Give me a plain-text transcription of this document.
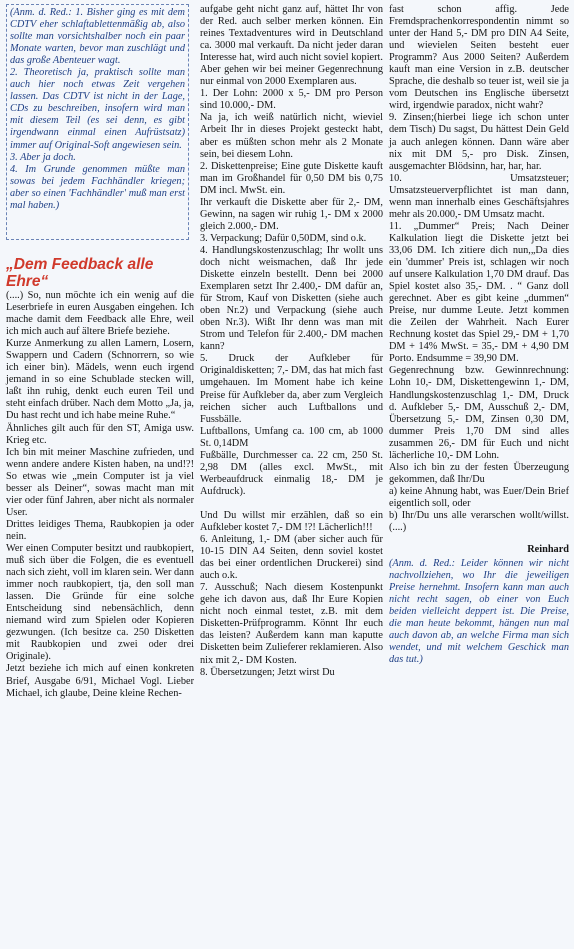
(Anm. d. Red.: 1. Bisher ging es mit dem CDTV eher schlaftablettenmäßig ab, also sollte man vorsichtshalber noch ein paar Monate warten, bevor man zuschlägt und das große Abenteuer wagt.
2. Theoretisch ja, praktisch sollte man auch hier noch etwas Zeit vergehen lassen. Das CDTV ist nicht in der Lage, CDs zu beschreiben, insofern wird man mit diesem Teil (es sei denn, es gibt irgendwann einmal einen Aufrüstsatz) immer auf Original-Soft angewiesen sein.
3. Aber ja doch.
4. Im Grunde genommen müßte man sowas bei jedem Fachhändler kriegen; aber so einen 'Fachhändler' muß man erst mal haben.)

„Dem Feedback alle Ehre“

(....) So, nun möchte ich ein wenig auf die Leserbriefe in euren Ausgaben eingehen. Ich mache damit dem Feedback alle Ehre, weil ich mich auch auf ältere Briefe beziehe.
Kurze Anmerkung zu allen Lamern, Losern, Swappern und Cadern (Schnorrern, so wie ich einer bin). Mädels, wenn euch irgend jemand in so eine Schublade stecken will, laßt ihn ruhig, denkt euch euren Teil und steht einfach drüber. Nach dem Motto „Ja, ja, Du hast recht und ich habe meine Ruhe.“
Ähnliches gilt auch für den ST, Amiga usw. Krieg etc.
Ich bin mit meiner Maschine zufrieden, und wenn andere andere Kisten haben, na und!?! So etwas wie „mein Computer ist ja viel besser als Deiner“, sowas macht man mit vier oder fünf Jahren, aber nicht als normaler User.
Drittes leidiges Thema, Raubkopien ja oder nein.
Wer einen Computer besitzt und raubkopiert, muß sich über die Folgen, die es eventuell nach sich zieht, voll im klaren sein. Wer dann immer noch raubkopiert, tja, den soll man lassen. Die Gründe für eine solche Entscheidung sind nebensächlich, denn niemand wird zum Spielen oder Kopieren gezwungen. (Ich besitze ca. 250 Disketten mit Raubkopien und zwei oder drei Originale).
Jetzt beziehe ich mich auf einen konkreten Brief, Ausgabe 6/91, Michael Vogl. Lieber Michael, ich glaube, Deine kleine Rechen-

aufgabe geht nicht ganz auf, hättet Ihr von der Red. auch selber merken können. Ein reines Textadventures wird in Deutschland ca. 3000 mal verkauft. Da nicht jeder daran Interesse hat, wird auch nicht soviel kopiert. Aber gehen wir bei meiner Gegenrechnung nur einmal von 2000 Exemplaren aus.
1. Der Lohn: 2000 x 5,- DM pro Person sind 10.000,- DM.
Na ja, ich weiß natürlich nicht, wieviel Arbeit Ihr in dieses Projekt gesteckt habt, aber es müßten schon mehr als 2 Monate sein, bei diesem Lohn.
2. Diskettenpreise; Eine gute Diskette kauft man im Großhandel für 0,50 DM bis 0,75 DM incl. MwSt. ein.
Ihr verkauft die Diskette aber für 2,- DM, Gewinn, na sagen wir ruhig 1,- DM x 2000 gleich 2.000,- DM.
3. Verpackung; Dafür 0,50DM, sind o.k.
4. Handlungskostenzuschlag; Ihr wollt uns doch nicht weismachen, daß Ihr jede Diskette einzeln bestellt. Denn bei 2000 Exemplaren setzt Ihr 2.400,- DM dafür an, für Strom, Kauf von Disketten (siehe auch oben Nr.2) und Verpackung (siehe auch oben Nr.3). Wißt Ihr denn was man mit Strom und Telefon für 2.400,- DM machen kann?
5. Druck der Aufkleber für Originaldisketten; 7,- DM, das hat mich fast umgehauen. Im Moment habe ich keine Preise für Aufkleber da, aber zum Vergleich reichen sicher auch Luftballons und Fussbälle.
Luftballons, Umfang ca. 100 cm, ab 1000 St. 0,14DM
Fußbälle, Durchmesser ca. 22 cm, 250 St. 2,98 DM (alles excl. MwSt., mit Werbeaufdruck einmalig 18,- DM je Aufdruck).

Und Du willst mir erzählen, daß so ein Aufkleber kostet 7,- DM !?! Lächerlich!!!
6. Anleitung, 1,- DM (aber sicher auch für 10-15 DIN A4 Seiten, denn soviel kostet das bei einer ordentlichen Druckerei) sind auch o.k.
7. Ausschuß; Nach diesem Kostenpunkt gehe ich davon aus, daß Ihr Eure Kopien nicht noch einmal testet, z.B. mit dem Disketten-Prüfprogramm. Könnt Ihr euch das leisten? Außerdem kann man kaputte Disketten beim Zulieferer reklamieren. Also nix mit 2,- DM Kosten.
8. Übersetzungen; Jetzt wirst Du

fast schon affig. Jede Fremdsprachenkorrespondentin nimmt so unter der Hand 5,- DM pro DIN A4 Seite, und wievielen Seiten besteht euer Programm? Aus 2000 Seiten? Außerdem kauft man eine Version in z.B. deutscher Sprache, die deshalb so teuer ist, weil sie ja vom Deutschen ins Englische übersetzt wird, irgendwie paradox, nicht wahr?
9. Zinsen;(hierbei liege ich schon unter dem Tisch) Du sagst, Du hättest Dein Geld ja auch anlegen können. Dann wäre aber nix mit DM 5,- pro Disk. Zinsen, ausgemachter Blödsinn, har, har, har.
10. Umsatzsteuer; Umsatzsteuerverpflichtet ist man dann, wenn man innerhalb eines Geschäftsjahres mehr als 20.000,- DM Umsatz macht.
11. „Dummer“ Preis; Nach Deiner Kalkulation liegt die Diskette jetzt bei 33,06 DM. Ich zitiere dich nun,„Da dies ein 'dummer' Preis ist, schlagen wir noch auf unsere Kalkulation 1,70 DM drauf. Das Spiel kostet also 35,- DM. . “ Ganz doll gerechnet. Aber es gibt keine „dummen“ Preise, nur dumme Leute. Jetzt kommen die Zeilen der Wahrheit. Nach Eurer Rechnung kostet das Spiel 29,- DM + 1,70 DM + 14% MwSt. = 35,- DM + 4,90 DM Porto. Endsumme = 39,90 DM.
Gegenrechnung bzw. Gewinnrechnung: Lohn 10,- DM, Diskettengewinn 1,- DM, Handlungskostenzuschlag 1,- DM, Druck d. Aufkleber 5,- DM, Ausschuß 2,- DM, Übersetzung 5,- DM, Zinsen 0,30 DM, dummer Preis 1,70 DM sind alles zusammen 26,- DM für Euch und nicht lächerliche 10,- DM Lohn.
Also ich bin zu der festen Überzeugung gekommen, daß Ihr/Du
a) keine Ahnung habt, was Euer/Dein Brief eigentlich soll, oder
b) Ihr/Du uns alle verarschen wollt/willst. (....)

Reinhard

(Anm. d. Red.: Leider können wir nicht nachvollziehen, wo Ihr die jeweiligen Preise hernehmt. Insofern kann man auch nicht recht sagen, ob einer von Euch beiden vielleicht deppert ist. Die Preise, die man heute bekommt, hängen nun mal auch davon ab, an welche Firma man sich wendet, und mit welchem Geschick man das tut.)
